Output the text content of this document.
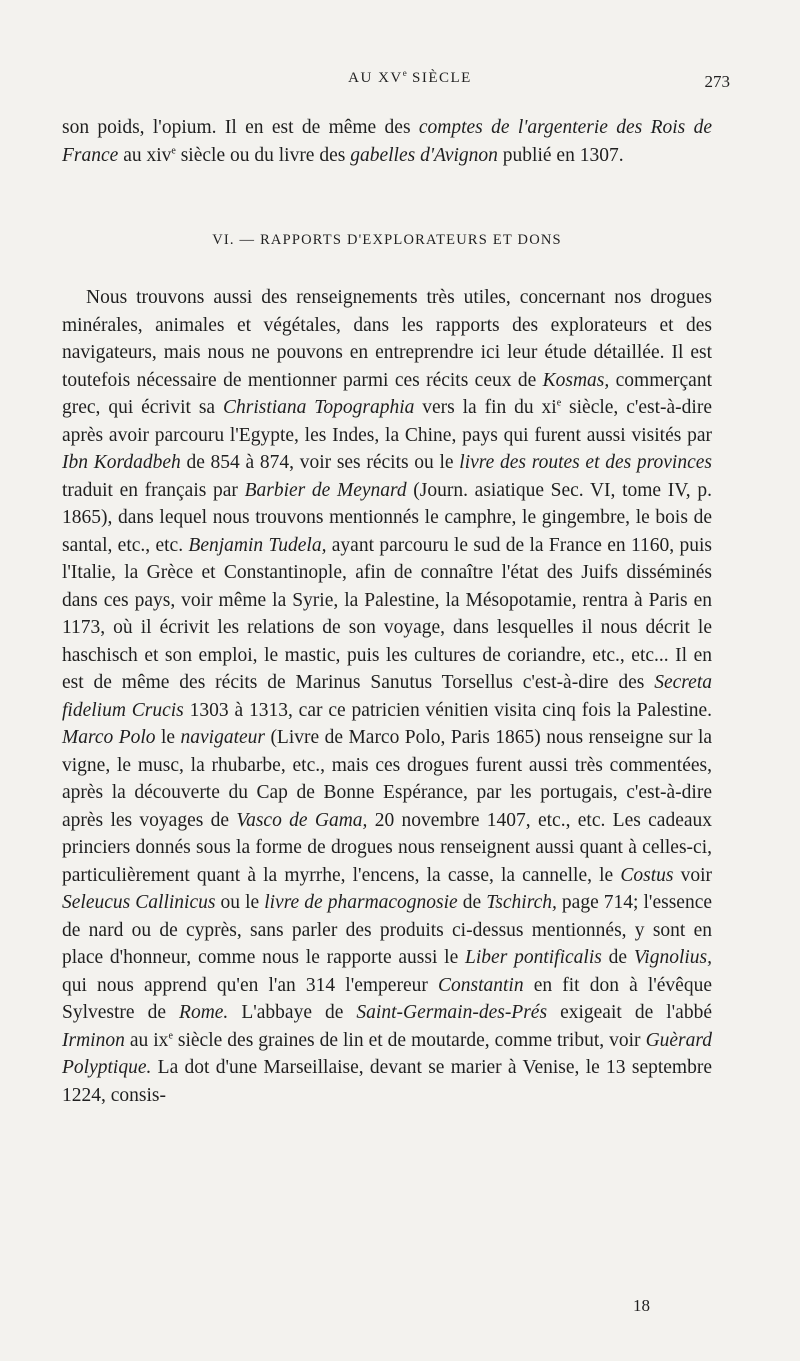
AU XVe SIÈCLE	273

son poids, l'opium. Il en est de même des comptes de l'argenterie des Rois de France au xiv$^e$ siècle ou du livre des gabelles d'Avignon publié en 1307.

VI. — RAPPORTS D'EXPLORATEURS ET DONS

Nous trouvons aussi des renseignements très utiles, concernant nos drogues minérales, animales et végétales, dans les rapports des explorateurs et des navigateurs, mais nous ne pouvons en entreprendre ici leur étude détaillée. Il est toutefois nécessaire de mentionner parmi ces récits ceux de Kosmas, commerçant grec, qui écrivit sa Christiana Topographia vers la fin du $xi^e$ siècle, c'est-à-dire après avoir parcouru l'Egypte, les Indes, la Chine, pays qui furent aussi visités par Ibn Kordadbeh de 854 à 874, voir ses récits ou le livre des routes et des provinces traduit en français par Barbier de Meynard (Journ. asiatique Sec. VI, tome IV, p. 1865), dans lequel nous trouvons mentionnés le camphre, le gingembre, le bois de santal, etc., etc. Benjamin Tudela, ayant parcouru le sud de la France en 1160, puis l'Italie, la Grèce et Constantinople, afin de connaître l'état des Juifs disséminés dans ces pays, voir même la Syrie, la Palestine, la Mésopotamie, rentra à Paris en 1173, où il écrivit les relations de son voyage, dans lesquelles il nous décrit le haschisch et son emploi, le mastic, puis les cultures de coriandre, etc., etc... Il en est de même des récits de Marinus Sanutus Torsellus c'est-à-dire des Secreta fidelium Crucis 1303 à 1313, car ce patricien vénitien visita cinq fois la Palestine. Marco Polo le navigateur (Livre de Marco Polo, Paris 1865) nous renseigne sur la vigne, le musc, la rhubarbe, etc., mais ces drogues furent aussi très commentées, après la découverte du Cap de Bonne Espérance, par les portugais, c'est-à-dire après les voyages de Vasco de Gama, 20 novembre 1407, etc., etc. Les cadeaux princiers donnés sous la forme de drogues nous renseignent aussi quant à celles-ci, particulièrement quant à la myrrhe, l'encens, la casse, la cannelle, le Costus voir Seleucus Callinicus ou le livre de pharmacognosie de Tschirch, page 714; l'essence de nard ou de cyprès, sans parler des produits ci-dessus mentionnés, y sont en place d'honneur, comme nous le rapporte aussi le Liber pontificalis de Vignolius, qui nous apprend qu'en l'an 314 l'empereur Constantin en fit don à l'évêque Sylvestre de Rome. L'abbaye de Saint-Germain-des-Prés exigeait de l'abbé Irminon au $ix^e$ siècle des graines de lin et de moutarde, comme tribut, voir Guèrard Polyptique. La dot d'une Marseillaise, devant se marier à Venise, le 13 septembre 1224, consis-

18
